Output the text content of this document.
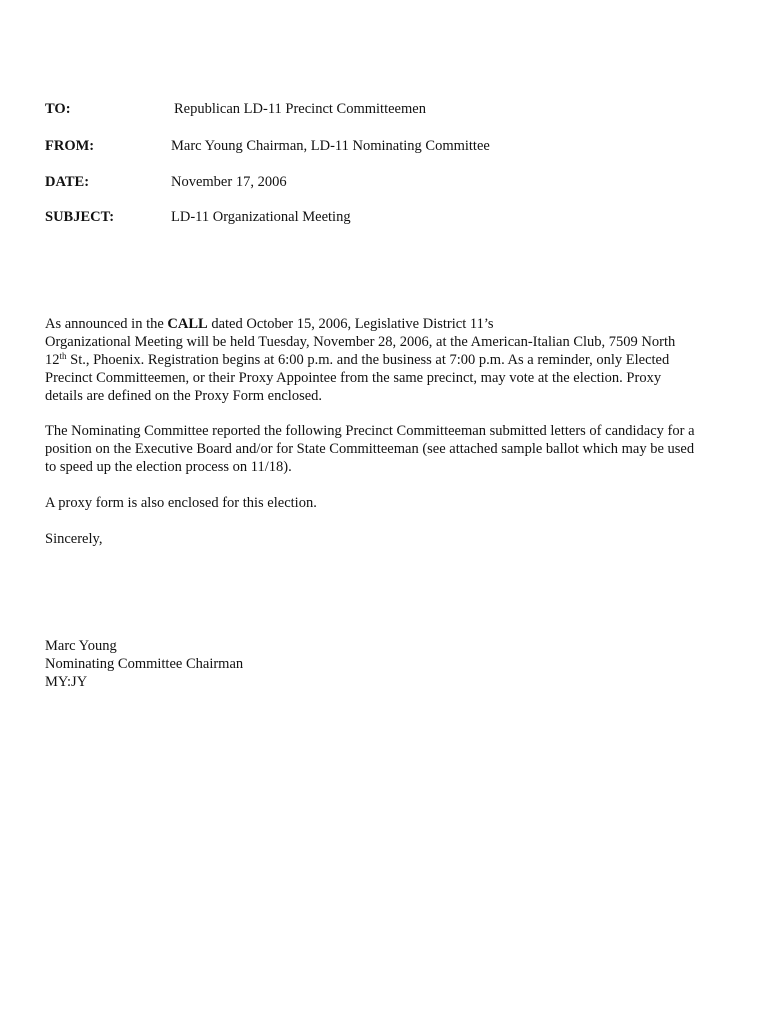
TO:	Republican LD-11 Precinct Committeemen
FROM:	Marc Young Chairman, LD-11 Nominating Committee
DATE:	November 17, 2006
SUBJECT:	LD-11 Organizational Meeting
As announced in the CALL dated October 15, 2006, Legislative District 11’s
Organizational Meeting will be held Tuesday, November 28, 2006, at the American-Italian Club, 7509 North
12th St., Phoenix. Registration begins at 6:00 p.m. and the business at 7:00 p.m. As a reminder, only Elected
Precinct Committeemen, or their Proxy Appointee from the same precinct, may vote at the election. Proxy
details are defined on the Proxy Form enclosed.
The Nominating Committee reported the following Precinct Committeeman submitted letters of candidacy for a
position on the Executive Board and/or for State Committeeman (see attached sample ballot which may be used
to speed up the election process on 11/18).
A proxy form is also enclosed for this election.
Sincerely,
Marc Young
Nominating Committee Chairman
MY:JY
